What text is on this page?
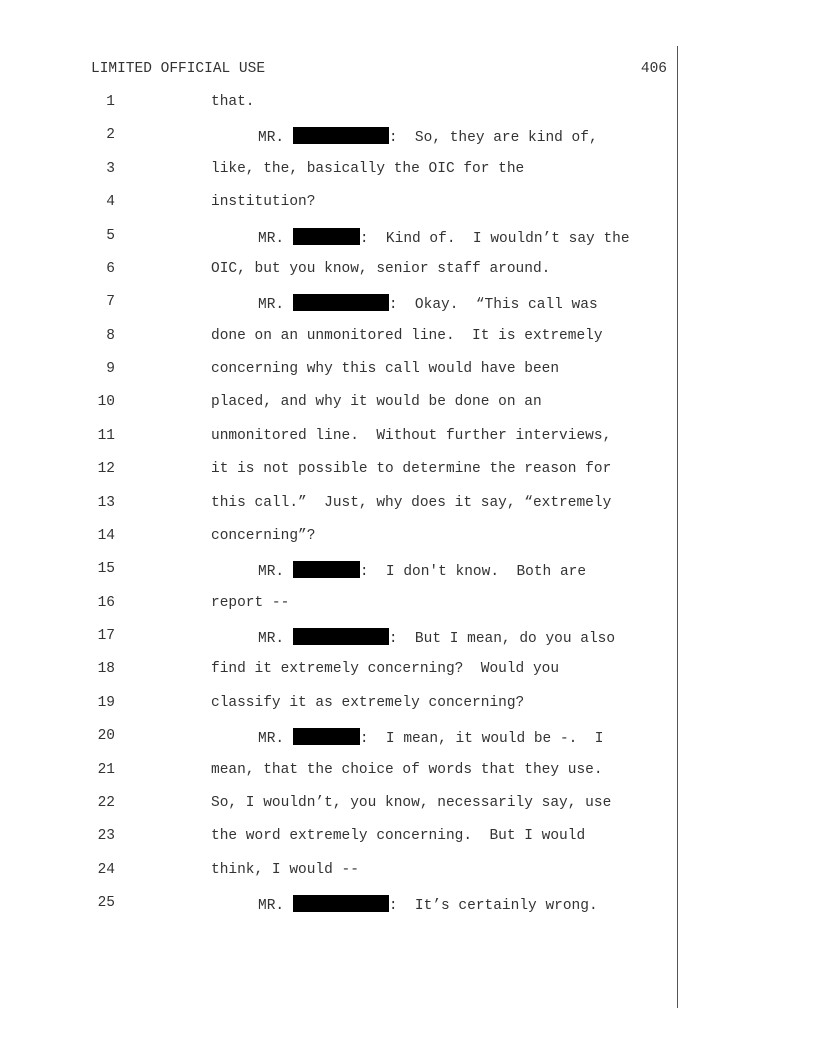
LIMITED OFFICIAL USE	406
1	that.
2	MR.	:  So, they are kind of,
3	like, the, basically the OIC for the
4	institution?
5	MR.	:  Kind of.  I wouldn’t say the
6	OIC, but you know, senior staff around.
7	MR.	:  Okay.  “This call was
8	done on an unmonitored line.  It is extremely
9	concerning why this call would have been
10	placed, and why it would be done on an
11	unmonitored line.  Without further interviews,
12	it is not possible to determine the reason for
13	this call.”  Just, why does it say, “extremely
14	concerning”?
15	MR.	:  I don't know.  Both are
16	report --
17	MR.	:  But I mean, do you also
18	find it extremely concerning?  Would you
19	classify it as extremely concerning?
20	MR.	:  I mean, it would be -.  I
21	mean, that the choice of words that they use.
22	So, I wouldn’t, you know, necessarily say, use
23	the word extremely concerning.  But I would
24	think, I would --
25	MR.	:  It’s certainly wrong.
